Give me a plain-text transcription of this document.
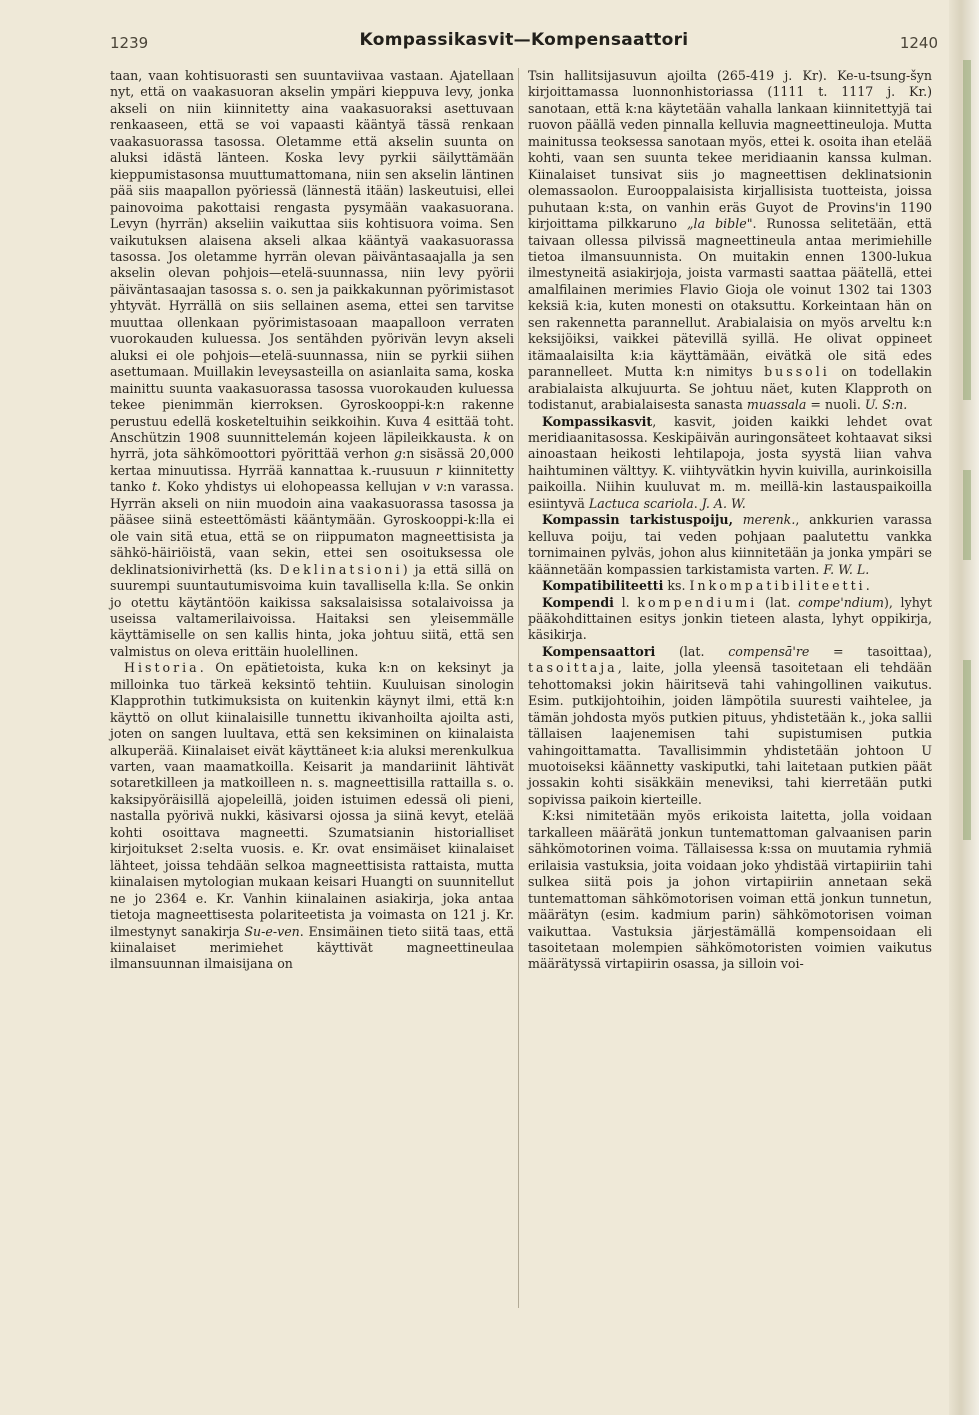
1239	Kompassikasvit—Kompensaattori	1240

taan, vaan kohtisuorasti sen suuntaviivaa vastaan. Ajatellaan nyt, että on vaakasuoran akselin ympäri kieppuva levy, jonka akseli on niin kiinnitetty aina vaakasuoraksi asettuvaan renkaaseen, että se voi vapaasti kääntyä tässä renkaan vaakasuorassa tasossa. Oletamme että akselin suunta on aluksi idästä länteen. Koska levy pyrkii säilyttämään kieppumistasonsa muuttumattomana, niin sen akselin läntinen pää siis maapallon pyöriessä (lännestä itään) laskeutuisi, ellei painovoima pakottaisi rengasta pysymään vaakasuorana. Levyn (hyrrän) akseliin vaikuttaa siis kohtisuora voima. Sen vaikutuksen alaisena akseli alkaa kääntyä vaakasuorassa tasossa. Jos oletamme hyrrän olevan päiväntasaajalla ja sen akselin olevan pohjois—etelä-suunnassa, niin levy pyörii päiväntasaajan tasossa s. o. sen ja paikkakunnan pyörimistasot yhtyvät. Hyrrällä on siis sellainen asema, ettei sen tarvitse muuttaa ollenkaan pyörimistasoaan maapalloon verraten vuorokauden kuluessa. Jos sentähden pyörivän levyn akseli aluksi ei ole pohjois—etelä-suunnassa, niin se pyrkii siihen asettumaan. Muillakin leveysasteilla on asianlaita sama, koska mainittu suunta vaakasuorassa tasossa vuorokauden kuluessa tekee pienimmän kierroksen. Gyroskooppi-k:n rakenne perustuu edellä kosketeltuihin seikkoihin. Kuva 4 esittää toht. Anschützin 1908 suunnittelemán kojeen läpileikkausta. k on hyrrä, jota sähkömoottori pyörittää verhon g:n sisässä 20,000 kertaa minuutissa. Hyrrää kannattaa k.-ruusuun r kiinnitetty tanko t. Koko yhdistys ui elohopeassa kellujan v v:n varassa. Hyrrän akseli on niin muodoin aina vaakasuorassa tasossa ja pääsee siinä esteettömästi kääntymään. Gyroskooppi-k:lla ei ole vain sitä etua, että se on riippumaton magneettisista ja sähkö-häiriöistä, vaan sekin, ettei sen osoituksessa ole deklinatsionivirhettä (ks. Deklinatsioni) ja että sillä on suurempi suuntautumisvoima kuin tavallisella k:lla. Se onkin jo otettu käytäntöön kaikissa saksalaisissa sotalaivoissa ja useissa valtamerilaivoissa. Haitaksi sen yleisemmälle käyttämiselle on sen kallis hinta, joka johtuu siitä, että sen valmistus on oleva erittäin huolellinen.

Historia. On epätietoista, kuka k:n on keksinyt ja milloinka tuo tärkeä keksintö tehtiin. Kuuluisan sinologin Klapprothin tutkimuksista on kuitenkin käynyt ilmi, että k:n käyttö on ollut kiinalaisille tunnettu ikivanhoilta ajoilta asti, joten on sangen luultava, että sen keksiminen on kiinalaista alkuperää. Kiinalaiset eivät käyttäneet k:ia aluksi merenkulkua varten, vaan maamatkoilla. Keisarit ja mandariinit lähtivät sotaretkilleen ja matkoilleen n. s. magneettisilla rattailla s. o. kaksipyöräisillä ajopeleillä, joiden istuimen edessä oli pieni, nastalla pyörivä nukki, käsivarsi ojossa ja siinä kevyt, etelää kohti osoittava magneetti. Szumatsianin historialliset kirjoitukset 2:selta vuosis. e. Kr. ovat ensimäiset kiinalaiset lähteet, joissa tehdään selkoa magneettisista rattaista, mutta kiinalaisen mytologian mukaan keisari Huangti on suunnitellut ne jo 2364 e. Kr. Vanhin kiinalainen asiakirja, joka antaa tietoja magneettisesta polariteetista ja voimasta on 121 j. Kr. ilmestynyt sanakirja Su-e-ven. Ensimäinen tieto siitä taas, että kiinalaiset merimiehet käyttivät magneettineulaa ilmansuunnan ilmaisijana on

Tsin hallitsijasuvun ajoilta (265-419 j. Kr). Ke-u-tsung-šyn kirjoittamassa luonnonhistoriassa (1111 t. 1117 j. Kr.) sanotaan, että k:na käytetään vahalla lankaan kiinnitettyjä tai ruovon päällä veden pinnalla kelluvia magneettineuloja. Mutta mainitussa teoksessa sanotaan myös, ettei k. osoita ihan etelää kohti, vaan sen suunta tekee meridiaanin kanssa kulman. Kiinalaiset tunsivat siis jo magneettisen deklinatsionin olemassaolon. Eurooppalaisista kirjallisista tuotteista, joissa puhutaan k:sta, on vanhin eräs Guyot de Provins'in 1190 kirjoittama pilkkaruno „la bible". Runossa selitetään, että taivaan ollessa pilvissä magneettineula antaa merimiehille tietoa ilmansuunnista. On muitakin ennen 1300-lukua ilmestyneitä asiakirjoja, joista varmasti saattaa päätellä, ettei amalfilainen merimies Flavio Gioja ole voinut 1302 tai 1303 keksiä k:ia, kuten monesti on otaksuttu. Korkeintaan hän on sen rakennetta parannellut. Arabialaisia on myös arveltu k:n keksijöiksi, vaikkei pätevillä syillä. He olivat oppineet itämaalaisilta k:ia käyttämään, eivätkä ole sitä edes parannelleet. Mutta k:n nimitys bussoli on todellakin arabialaista alkujuurta. Se johtuu näet, kuten Klapproth on todistanut, arabialaisesta sanasta muassala = nuoli. U. S:n.

Kompassikasvit, kasvit, joiden kaikki lehdet ovat meridiaanitasossa. Keskipäivän auringonsäteet kohtaavat siksi ainoastaan heikosti lehtilapoja, josta syystä liian vahva haihtuminen välttyy. K. viihtyvätkin hyvin kuivilla, aurinkoisilla paikoilla. Niihin kuuluvat m. m. meillä-kin lastauspaikoilla esiintyvä Lactuca scariola. J. A. W.

Kompassin tarkistuspoiju, merenk., ankkurien varassa kelluva poiju, tai veden pohjaan paalutettu vankka tornimainen pylväs, johon alus kiinnitetään ja jonka ympäri se käännetään kompassien tarkistamista varten. F. W. L.

Kompatibiliteetti ks. Inkompatibiliteetti.

Kompendi l. kompendiumi (lat. compe'ndium), lyhyt pääkohdittainen esitys jonkin tieteen alasta, lyhyt oppikirja, käsikirja.

Kompensaattori (lat. compensā're = tasoittaa), tasoittaja, laite, jolla yleensä tasoitetaan eli tehdään tehottomaksi jokin häiritsevä tahi vahingollinen vaikutus. Esim. putkijohtoihin, joiden lämpötila suuresti vaihtelee, ja tämän johdosta myös putkien pituus, yhdistetään k., joka sallii tällaisen laajenemisen tahi supistumisen putkia vahingoittamatta. Tavallisimmin yhdistetään johtoon U muotoiseksi käännetty vaskiputki, tahi laitetaan putkien päät jossakin kohti sisäkkäin meneviksi, tahi kierretään putki sopivissa paikoin kierteille.

K:ksi nimitetään myös erikoista laitetta, jolla voidaan tarkalleen määrätä jonkun tuntemattoman galvaanisen parin sähkömotorinen voima. Tällaisessa k:ssa on muutamia ryhmiä erilaisia vastuksia, joita voidaan joko yhdistää virtapiiriin tahi sulkea siitä pois ja johon virtapiiriin annetaan sekä tuntemattoman sähkömotorisen voiman että jonkun tunnetun, määrätyn (esim. kadmium parin) sähkömotorisen voiman vaikuttaa. Vastuksia järjestämällä kompensoidaan eli tasoitetaan molempien sähkömotoristen voimien vaikutus määrätyssä virtapiirin osassa, ja silloin voi-
